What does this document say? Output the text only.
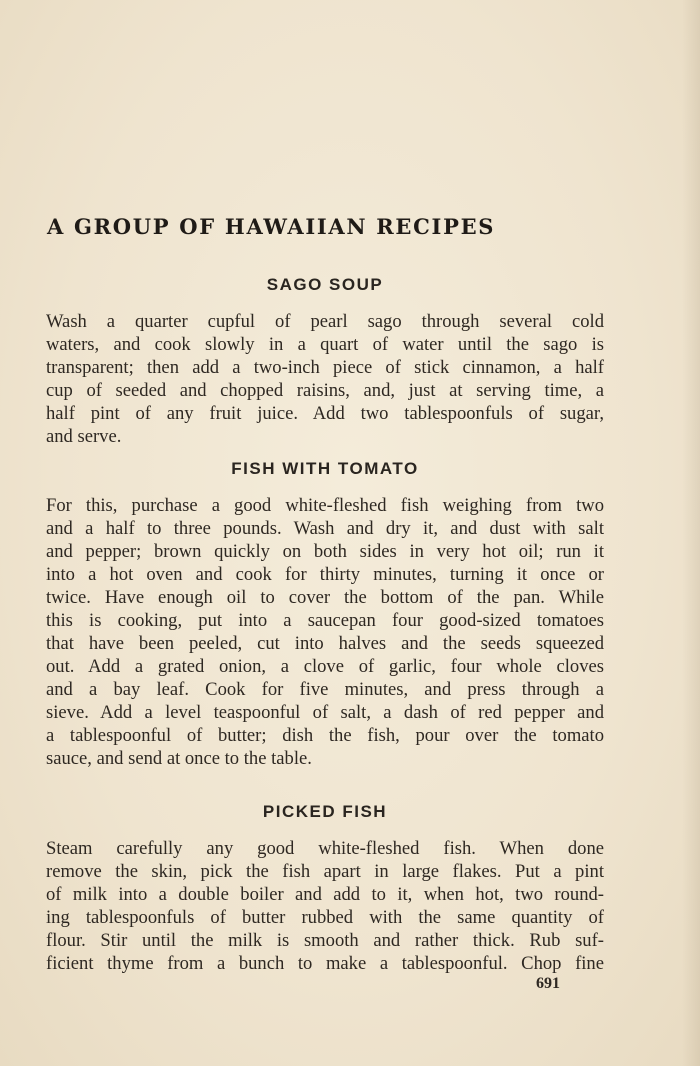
A GROUP OF HAWAIIAN RECIPES
SAGO SOUP
Wash a quarter cupful of pearl sago through several cold
waters, and cook slowly in a quart of water until the sago is
transparent; then add a two-inch piece of stick cinnamon, a half
cup of seeded and chopped raisins, and, just at serving time, a
half pint of any fruit juice. Add two tablespoonfuls of sugar,
and serve.
FISH WITH TOMATO
For this, purchase a good white-fleshed fish weighing from two
and a half to three pounds. Wash and dry it, and dust with salt
and pepper; brown quickly on both sides in very hot oil; run it
into a hot oven and cook for thirty minutes, turning it once or
twice. Have enough oil to cover the bottom of the pan. While
this is cooking, put into a saucepan four good-sized tomatoes
that have been peeled, cut into halves and the seeds squeezed
out. Add a grated onion, a clove of garlic, four whole cloves
and a bay leaf. Cook for five minutes, and press through a
sieve. Add a level teaspoonful of salt, a dash of red pepper and
a tablespoonful of butter; dish the fish, pour over the tomato
sauce, and send at once to the table.
PICKED FISH
Steam carefully any good white-fleshed fish. When done
remove the skin, pick the fish apart in large flakes. Put a pint
of milk into a double boiler and add to it, when hot, two round-
ing tablespoonfuls of butter rubbed with the same quantity of
flour. Stir until the milk is smooth and rather thick. Rub suf-
ficient thyme from a bunch to make a tablespoonful. Chop fine
691
